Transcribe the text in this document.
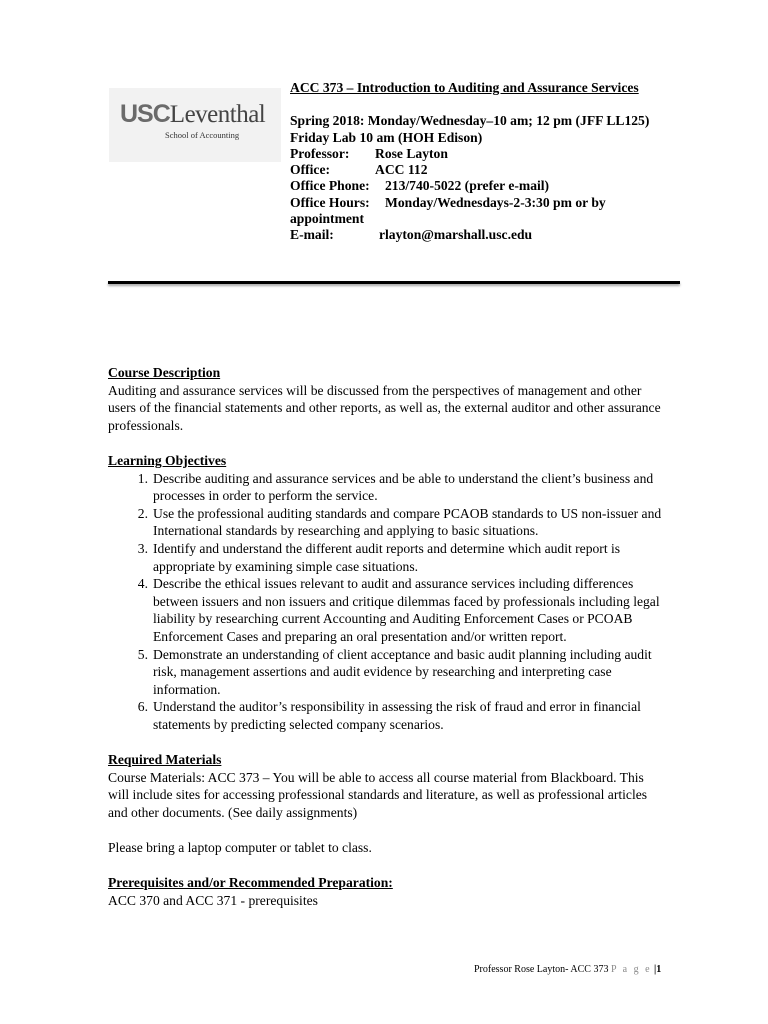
USCLeventhal
School of Accounting
ACC 373 – Introduction to Auditing and Assurance Services
Spring 2018: Monday/Wednesday–10 am; 12 pm (JFF LL125)
Friday Lab 10 am (HOH Edison)
Professor: Rose Layton
Office:	ACC 112
Office Phone: 213/740-5022 (prefer e-mail)
Office Hours: Monday/Wednesdays-2-3:30 pm or by appointment
E-mail:	rlayton@marshall.usc.edu
Course Description

Auditing and assurance services will be discussed from the perspectives of management and other users of the financial statements and other reports, as well as, the external auditor and other assurance professionals.

Learning Objectives
1. Describe auditing and assurance services and be able to understand the client’s business and processes in order to perform the service.
2. Use the professional auditing standards and compare PCAOB standards to US non-issuer and International standards by researching and applying to basic situations.
3. Identify and understand the different audit reports and determine which audit report is appropriate by examining simple case situations.
4. Describe the ethical issues relevant to audit and assurance services including differences between issuers and non issuers and critique dilemmas faced by professionals including legal liability by researching current Accounting and Auditing Enforcement Cases or PCOAB Enforcement Cases and preparing an oral presentation and/or written report.
5. Demonstrate an understanding of client acceptance and basic audit planning including audit risk, management assertions and audit evidence by researching and interpreting case information.
6. Understand the auditor’s responsibility in assessing the risk of fraud and error in financial statements by predicting selected company scenarios.
Required Materials

Course Materials: ACC 373 – You will be able to access all course material from Blackboard. This will include sites for accessing professional standards and literature, as well as professional articles and other documents. (See daily assignments)

Please bring a laptop computer or tablet to class.

Prerequisites and/or Recommended Preparation:

ACC 370 and ACC 371 - prerequisites

Professor Rose Layton- ACC 373 P a g e |1
